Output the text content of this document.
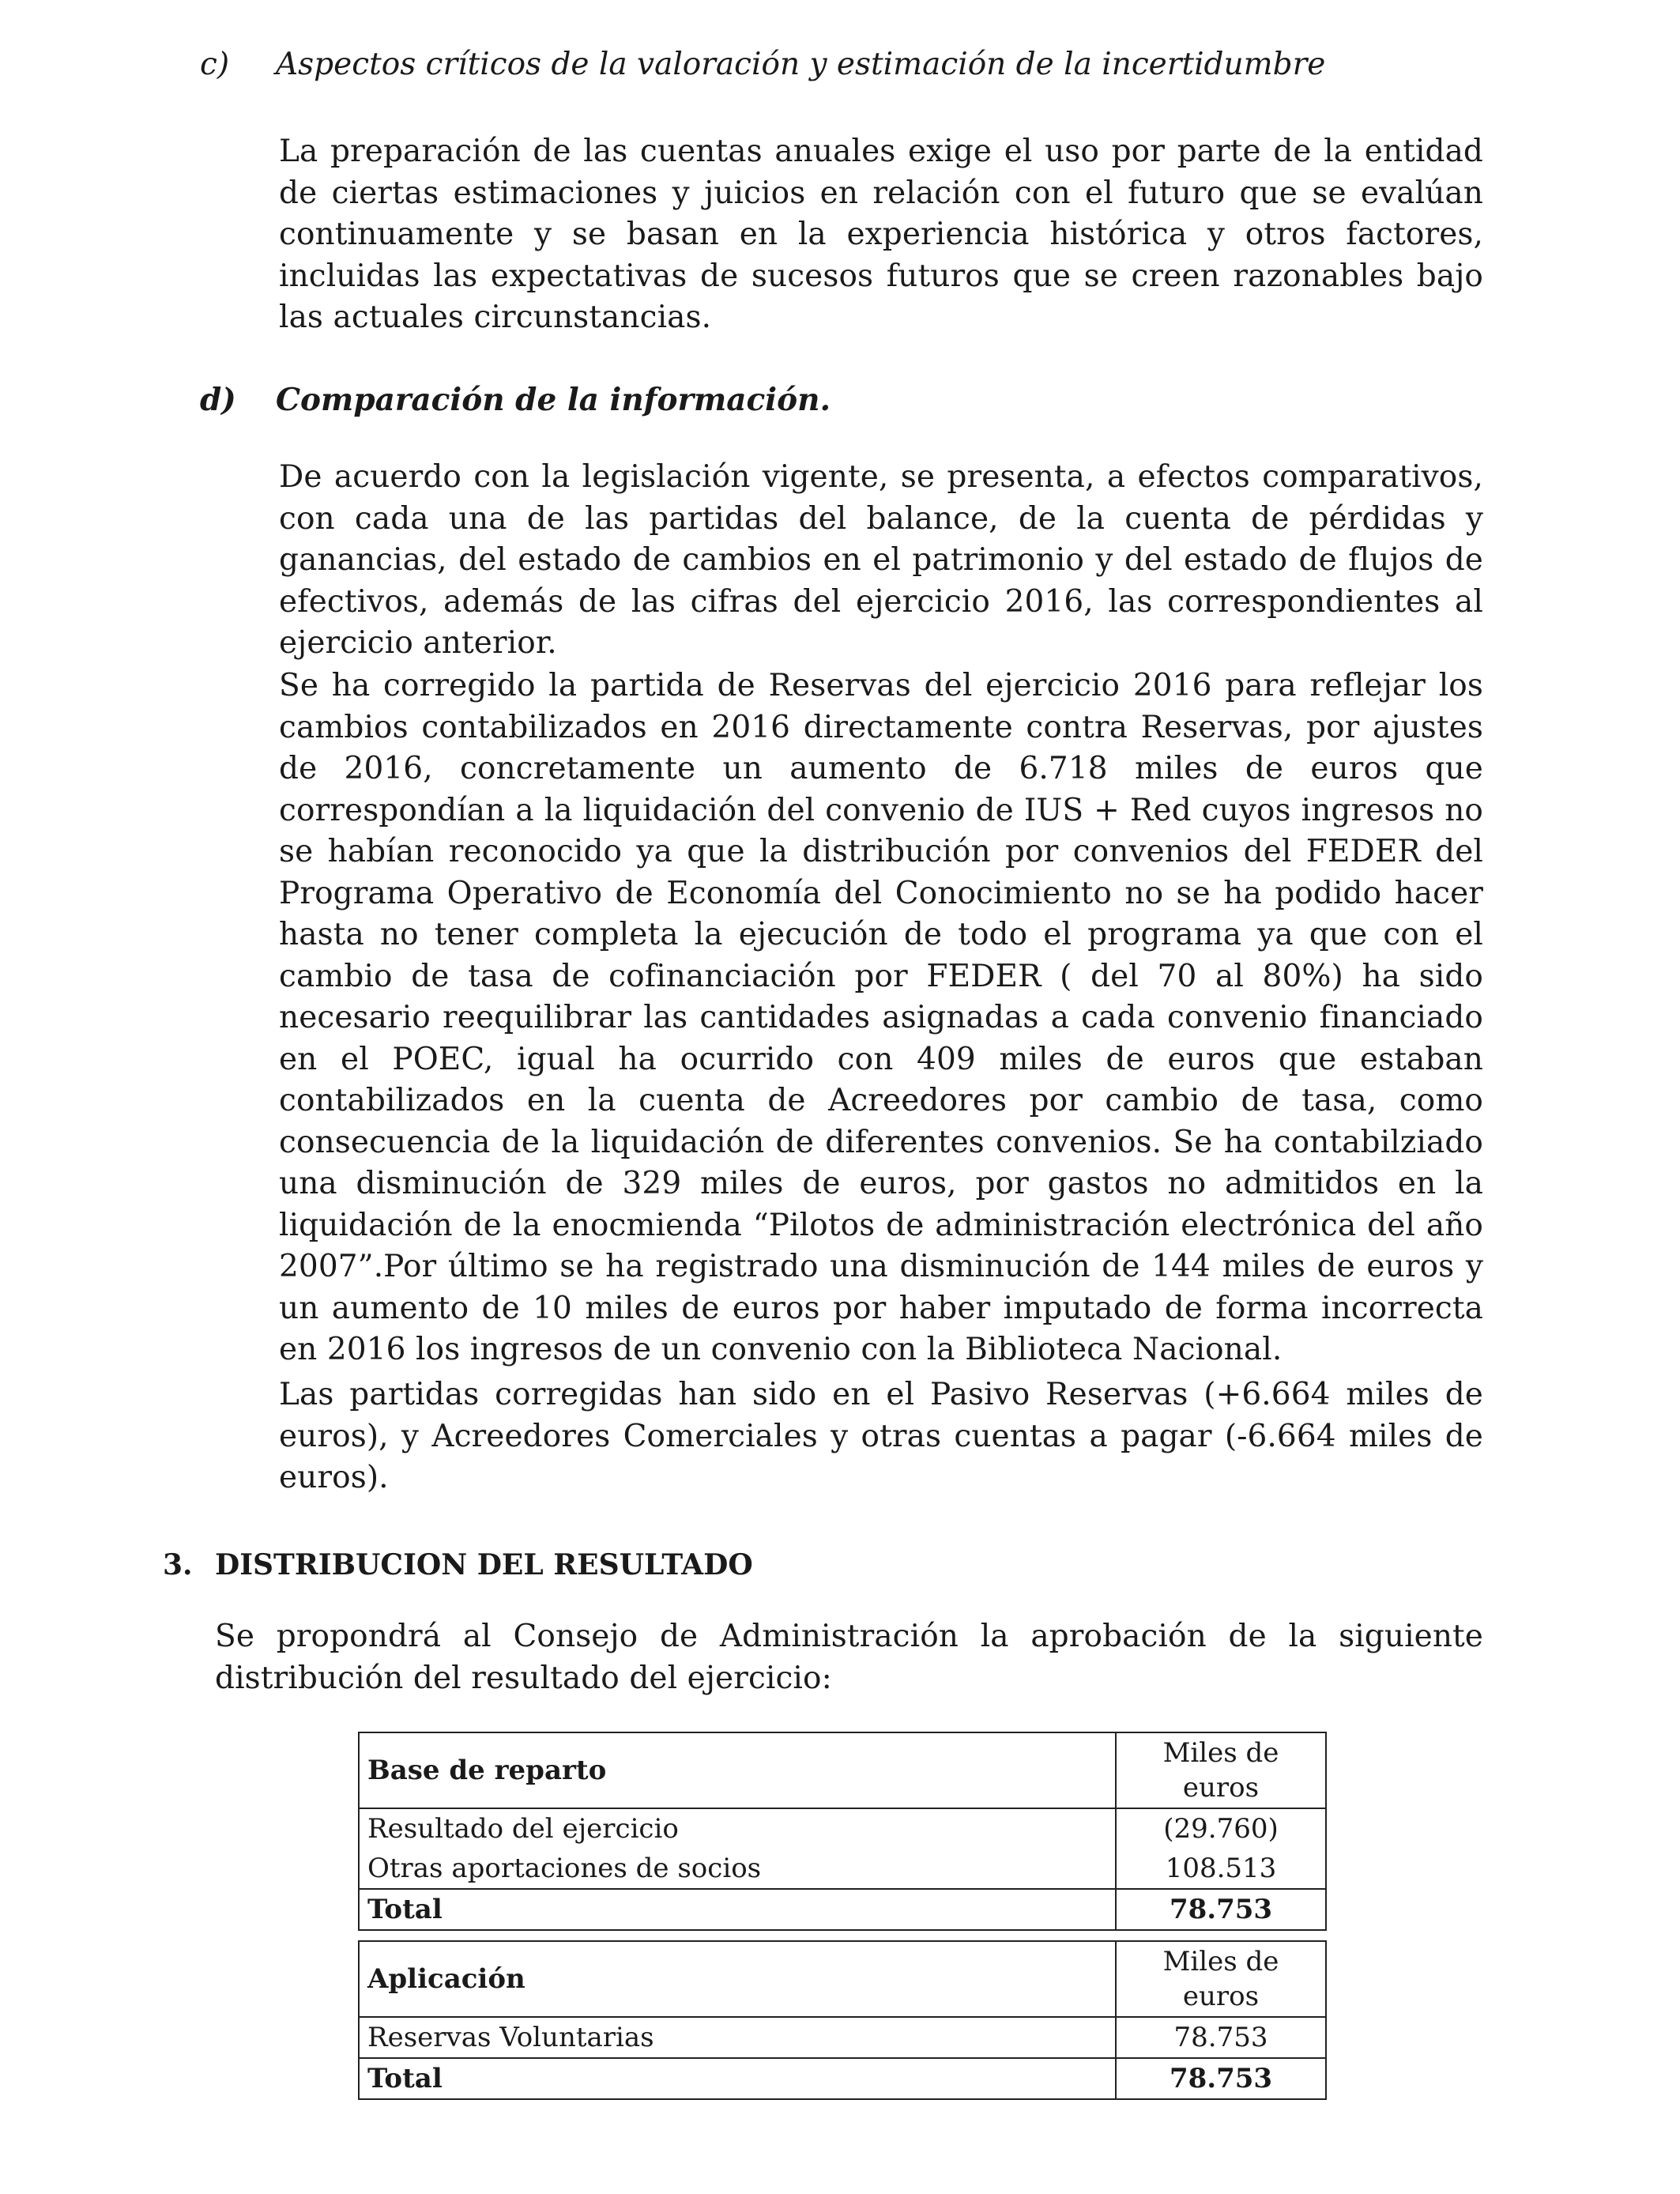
c) Aspectos críticos de la valoración y estimación de la incertidumbre

La preparación de las cuentas anuales exige el uso por parte de la entidad de ciertas estimaciones y juicios en relación con el futuro que se evalúan continuamente y se basan en la experiencia histórica y otros factores, incluidas las expectativas de sucesos futuros que se creen razonables bajo las actuales circunstancias.

d) Comparación de la información.

De acuerdo con la legislación vigente, se presenta, a efectos comparativos, con cada una de las partidas del balance, de la cuenta de pérdidas y ganancias, del estado de cambios en el patrimonio y del estado de flujos de efectivos, además de las cifras del ejercicio 2016, las correspondientes al ejercicio anterior.

Se ha corregido la partida de Reservas del ejercicio 2016 para reflejar los cambios contabilizados en 2016 directamente contra Reservas, por ajustes de 2016, concretamente un aumento de 6.718 miles de euros que correspondían a la liquidación del convenio de IUS + Red cuyos ingresos no se habían reconocido ya que la distribución por convenios del FEDER del Programa Operativo de Economía del Conocimiento no se ha podido hacer hasta no tener completa la ejecución de todo el programa ya que con el cambio de tasa de cofinanciación por FEDER ( del 70 al 80%) ha sido necesario reequilibrar las cantidades asignadas a cada convenio financiado en el POEC, igual ha ocurrido con 409 miles de euros que estaban contabilizados en la cuenta de Acreedores por cambio de tasa, como consecuencia de la liquidación de diferentes convenios. Se ha contabilziado una disminución de 329 miles de euros, por gastos no admitidos en la liquidación de la enocmienda “Pilotos de administración electrónica del año 2007”.Por último se ha registrado una disminución de 144 miles de euros y un aumento de 10 miles de euros por haber imputado de forma incorrecta en 2016 los ingresos de un convenio con la Biblioteca Nacional.

Las partidas corregidas han sido en el Pasivo Reservas (+6.664 miles de euros), y Acreedores Comerciales y otras cuentas a pagar (-6.664 miles de euros).

3. DISTRIBUCION DEL RESULTADO

Se propondrá al Consejo de Administración la aprobación de la siguiente distribución del resultado del ejercicio:

Base de reparto	Miles de euros
Resultado del ejercicio	(29.760)
Otras aportaciones de socios	108.513
Total	78.753
Aplicación	Miles de euros
Reservas Voluntarias	78.753
Total	78.753
